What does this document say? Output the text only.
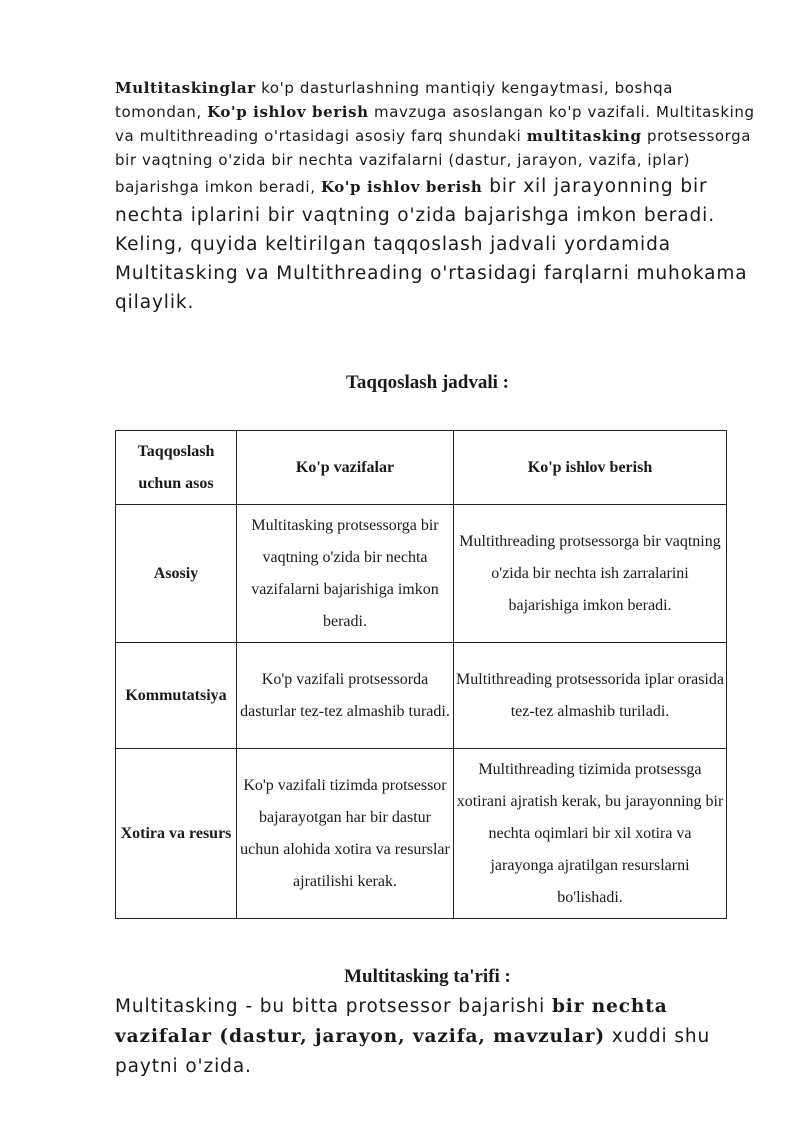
Multitaskinglar ko'p dasturlashning mantiqiy kengaytmasi, boshqa tomondan, Ko'p ishlov berish mavzuga asoslangan ko'p vazifali. Multitasking va multithreading o'rtasidagi asosiy farq shundaki multitasking protsessorga bir vaqtning o'zida bir nechta vazifalarni (dastur, jarayon, vazifa, iplar) bajarishga imkon beradi, Ko'p ishlov berish bir xil jarayonning bir nechta iplarini bir vaqtning o'zida bajarishga imkon beradi. Keling, quyida keltirilgan taqqoslash jadvali yordamida Multitasking va Multithreading o'rtasidagi farqlarni muhokama qilaylik.
Taqqoslash jadvali :
Taqqoslash uchun asos	Ko'p vazifalar	Ko'p ishlov berish
Asosiy	Multitasking protsessorga bir vaqtning o'zida bir nechta vazifalarni bajarishiga imkon beradi.	Multithreading protsessorga bir vaqtning o'zida bir nechta ish zarralarini bajarishiga imkon beradi.
Kommutatsiya	Ko'p vazifali protsessorda dasturlar tez-tez almashib turadi.	Multithreading protsessorida iplar orasida tez-tez almashib turiladi.
Xotira va resurs	Ko'p vazifali tizimda protsessor bajarayotgan har bir dastur uchun alohida xotira va resurslar ajratilishi kerak.	Multithreading tizimida protsessga xotirani ajratish kerak, bu jarayonning bir nechta oqimlari bir xil xotira va jarayonga ajratilgan resurslarni bo'lishadi.
Multitasking ta'rifi :
Multitasking - bu bitta protsessor bajarishi bir nechta vazifalar (dastur, jarayon, vazifa, mavzular) xuddi shu paytni o'zida.
